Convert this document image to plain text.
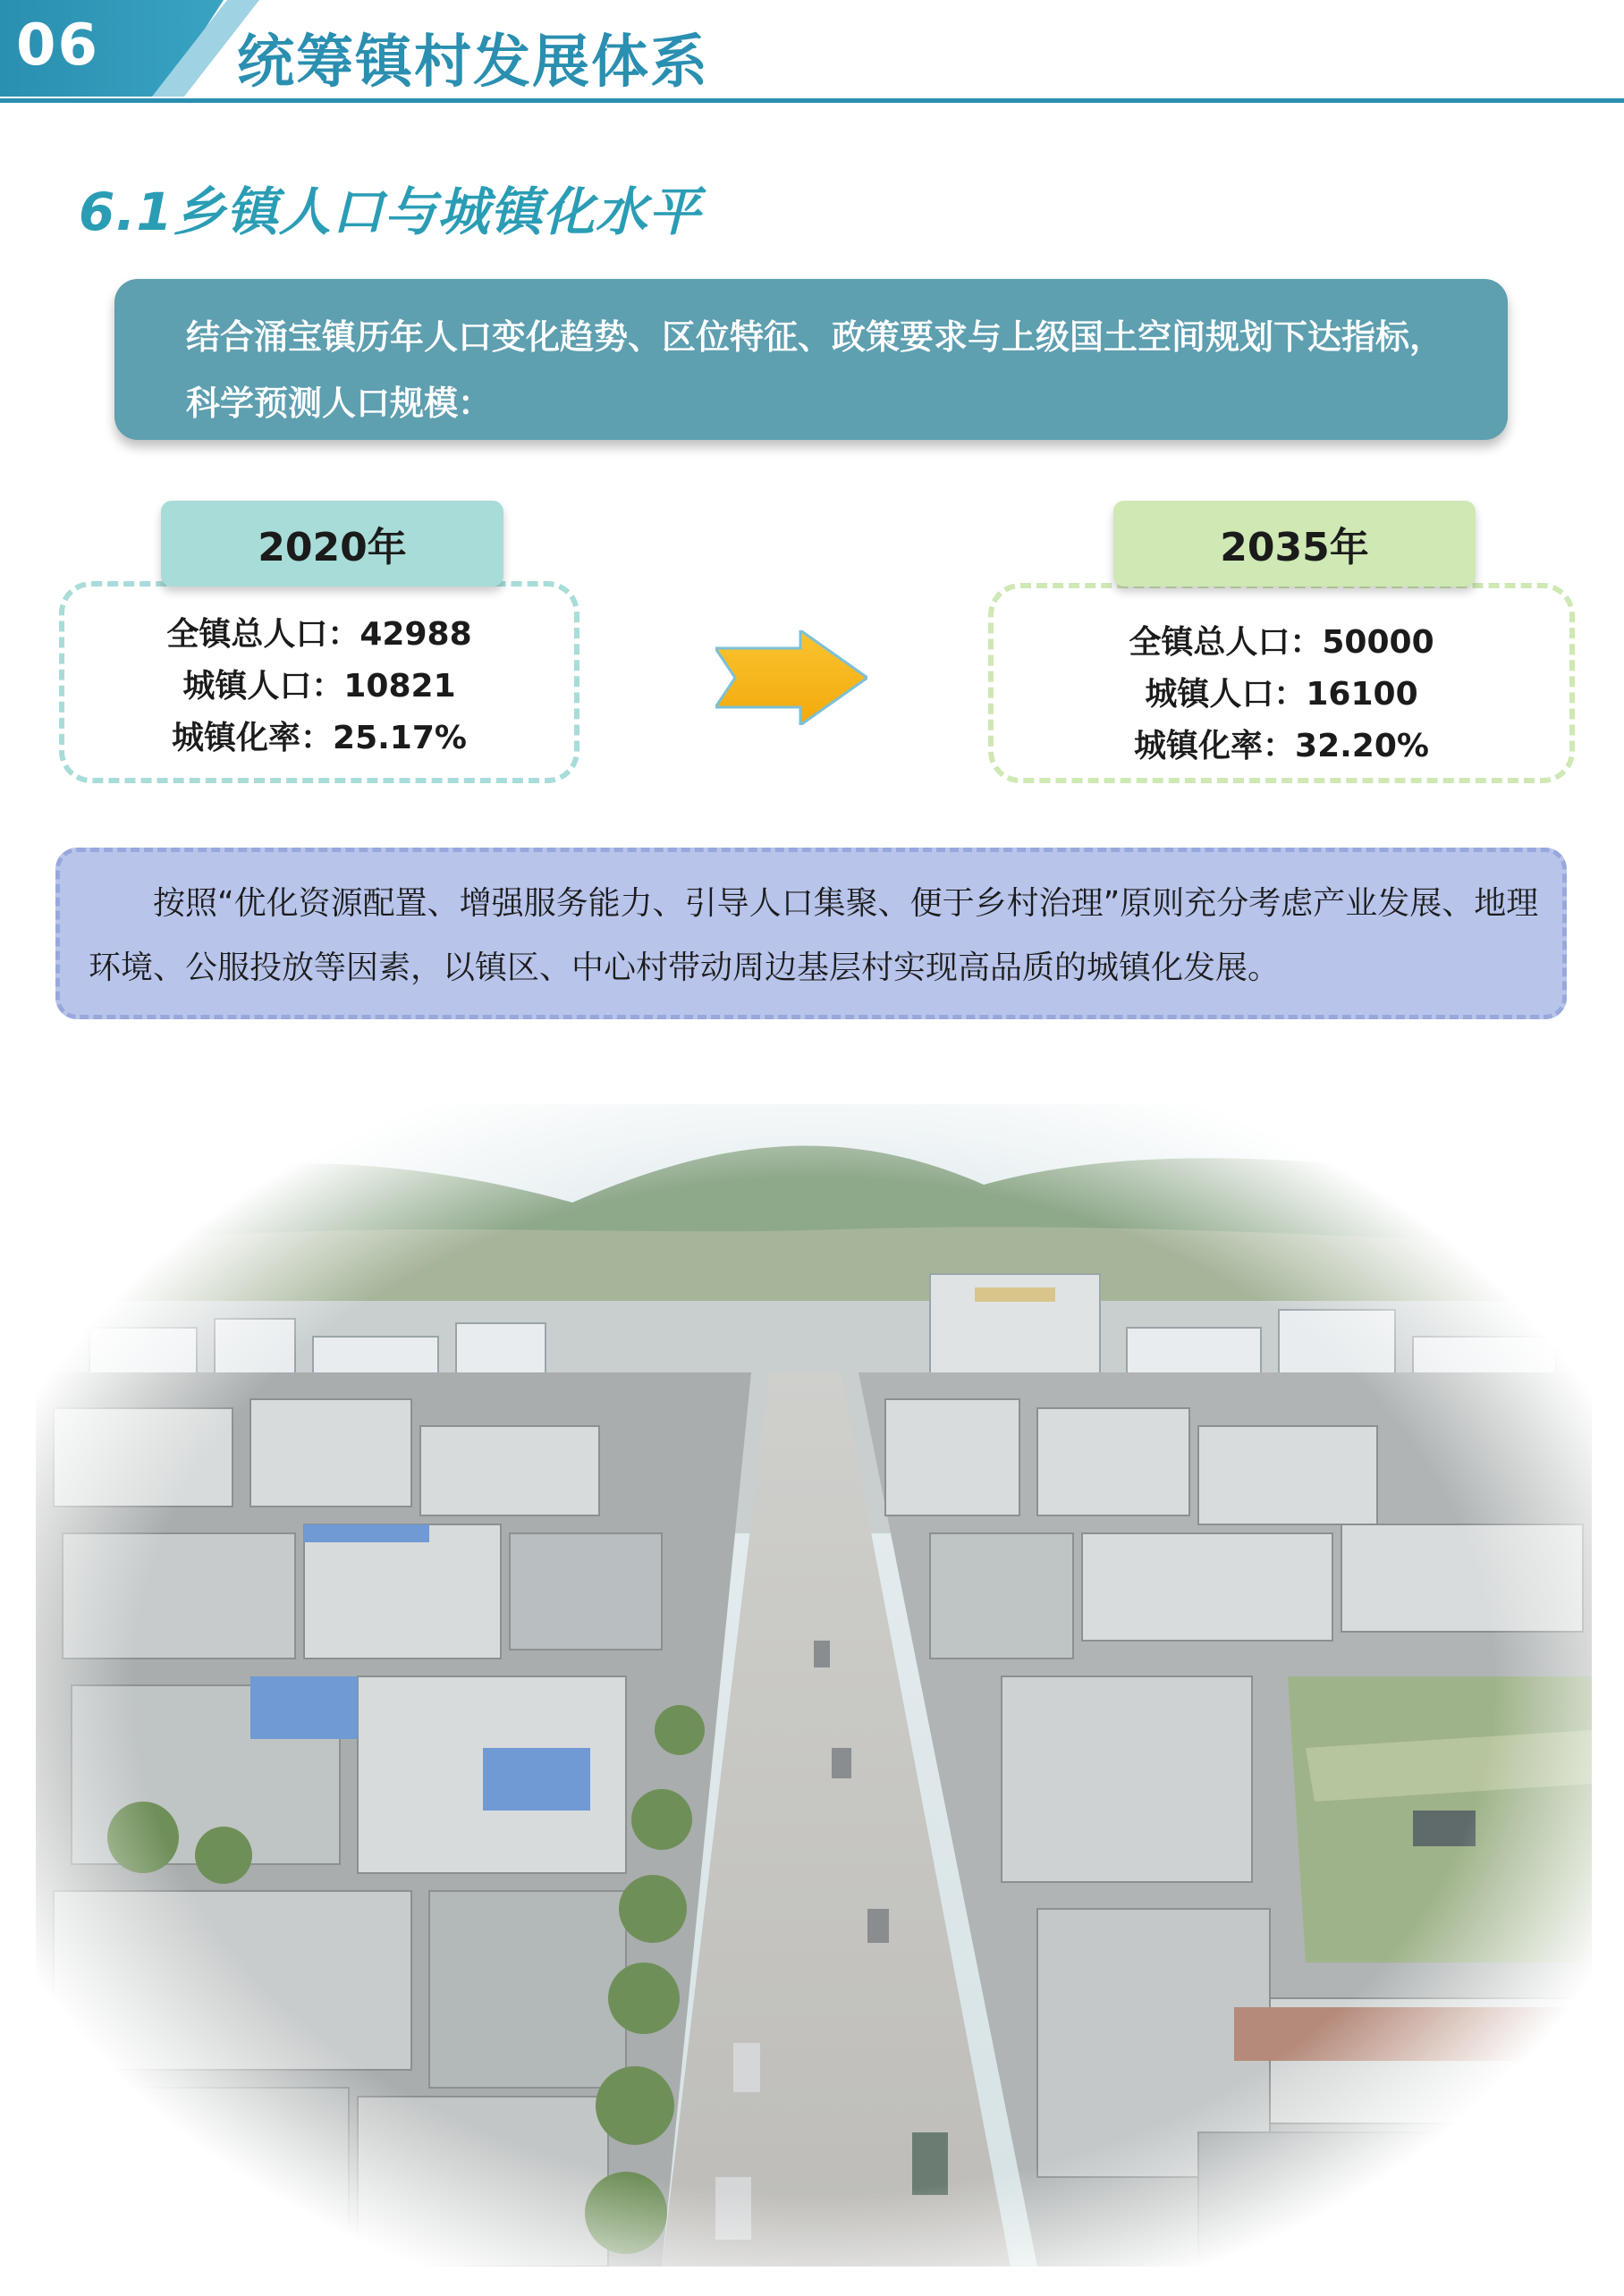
06 统筹镇村发展体系
6.1乡镇人口与城镇化水平
结合涌宝镇历年人口变化趋势、区位特征、政策要求与上级国土空间规划下达指标，科学预测人口规模：
全镇总人口：42988
城镇人口：10821
城镇化率：25.17%
2020年
全镇总人口：50000
城镇人口：16100
城镇化率：32.20%
2035年
按照“优化资源配置、增强服务能力、引导人口集聚、便于乡村治理”原则充分考虑产业发展、地理环境、公服投放等因素，以镇区、中心村带动周边基层村实现高品质的城镇化发展。
